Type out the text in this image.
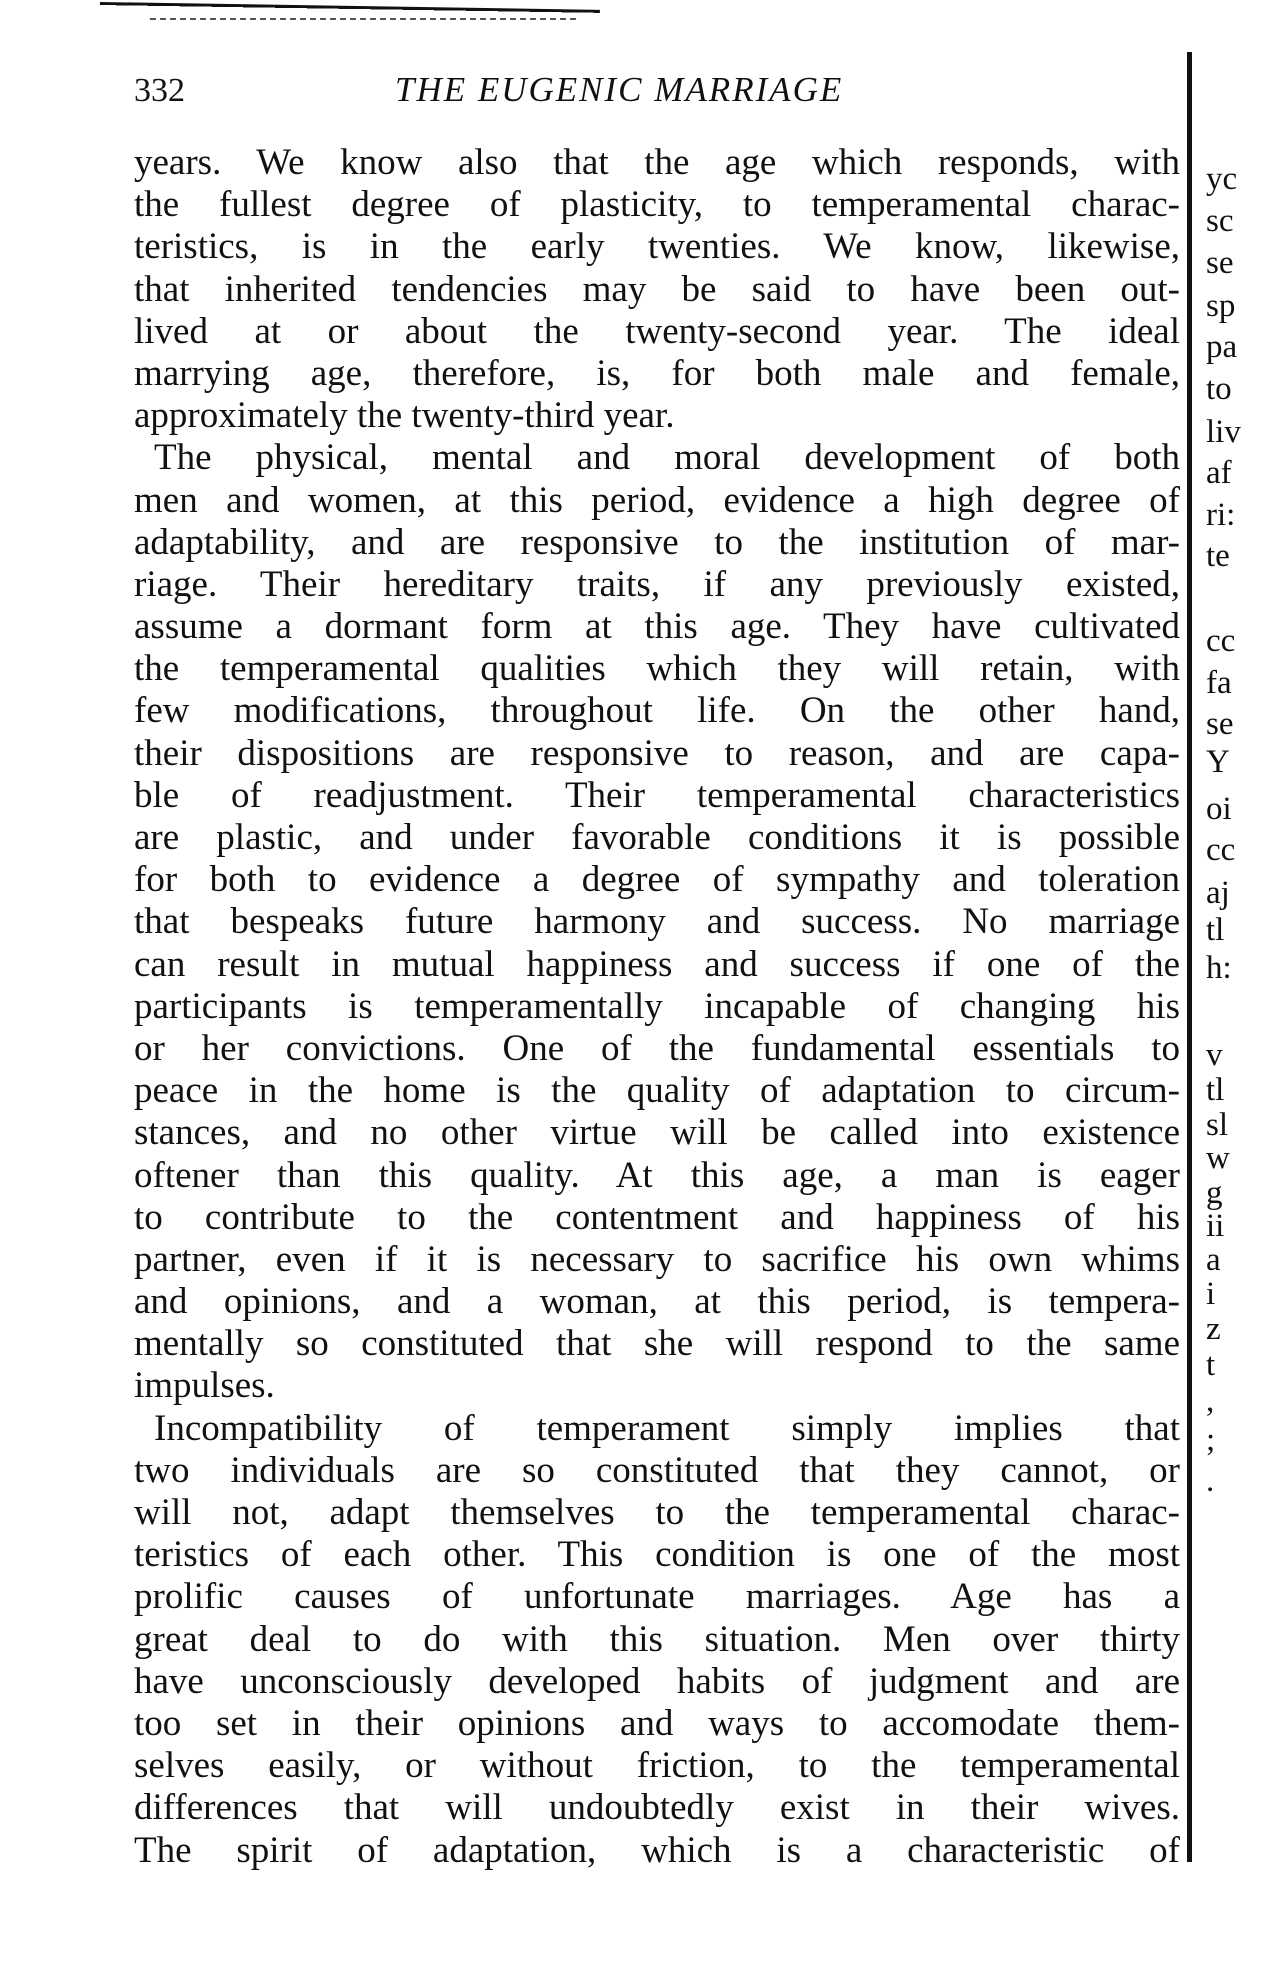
332	THE EUGENIC MARRIAGE
years. We know also that the age which responds, with
the fullest degree of plasticity, to temperamental charac-
teristics, is in the early twenties. We know, likewise,
that inherited tendencies may be said to have been out-
lived at or about the twenty-second year. The ideal
marrying age, therefore, is, for both male and female,
approximately the twenty-third year.
The physical, mental and moral development of both
men and women, at this period, evidence a high degree of
adaptability, and are responsive to the institution of mar-
riage. Their hereditary traits, if any previously existed,
assume a dormant form at this age. They have cultivated
the temperamental qualities which they will retain, with
few modifications, throughout life. On the other hand,
their dispositions are responsive to reason, and are capa-
ble of readjustment. Their temperamental characteristics
are plastic, and under favorable conditions it is possible
for both to evidence a degree of sympathy and toleration
that bespeaks future harmony and success. No marriage
can result in mutual happiness and success if one of the
participants is temperamentally incapable of changing his
or her convictions. One of the fundamental essentials to
peace in the home is the quality of adaptation to circum-
stances, and no other virtue will be called into existence
oftener than this quality. At this age, a man is eager
to contribute to the contentment and happiness of his
partner, even if it is necessary to sacrifice his own whims
and opinions, and a woman, at this period, is tempera-
mentally so constituted that she will respond to the same
impulses.
Incompatibility of temperament simply implies that
two individuals are so constituted that they cannot, or
will not, adapt themselves to the temperamental charac-
teristics of each other. This condition is one of the most
prolific causes of unfortunate marriages. Age has a
great deal to do with this situation. Men over thirty
have unconsciously developed habits of judgment and are
too set in their opinions and ways to accomodate them-
selves easily, or without friction, to the temperamental
differences that will undoubtedly exist in their wives.
The spirit of adaptation, which is a characteristic of
yc
sc
se
sp
pa
to
liv
af
ri:
te
cc
fa
se
Y
oi
cc
aj
tl
h:
v
tl
sl
w
g
ii
a
i
z
t
,
;
.
